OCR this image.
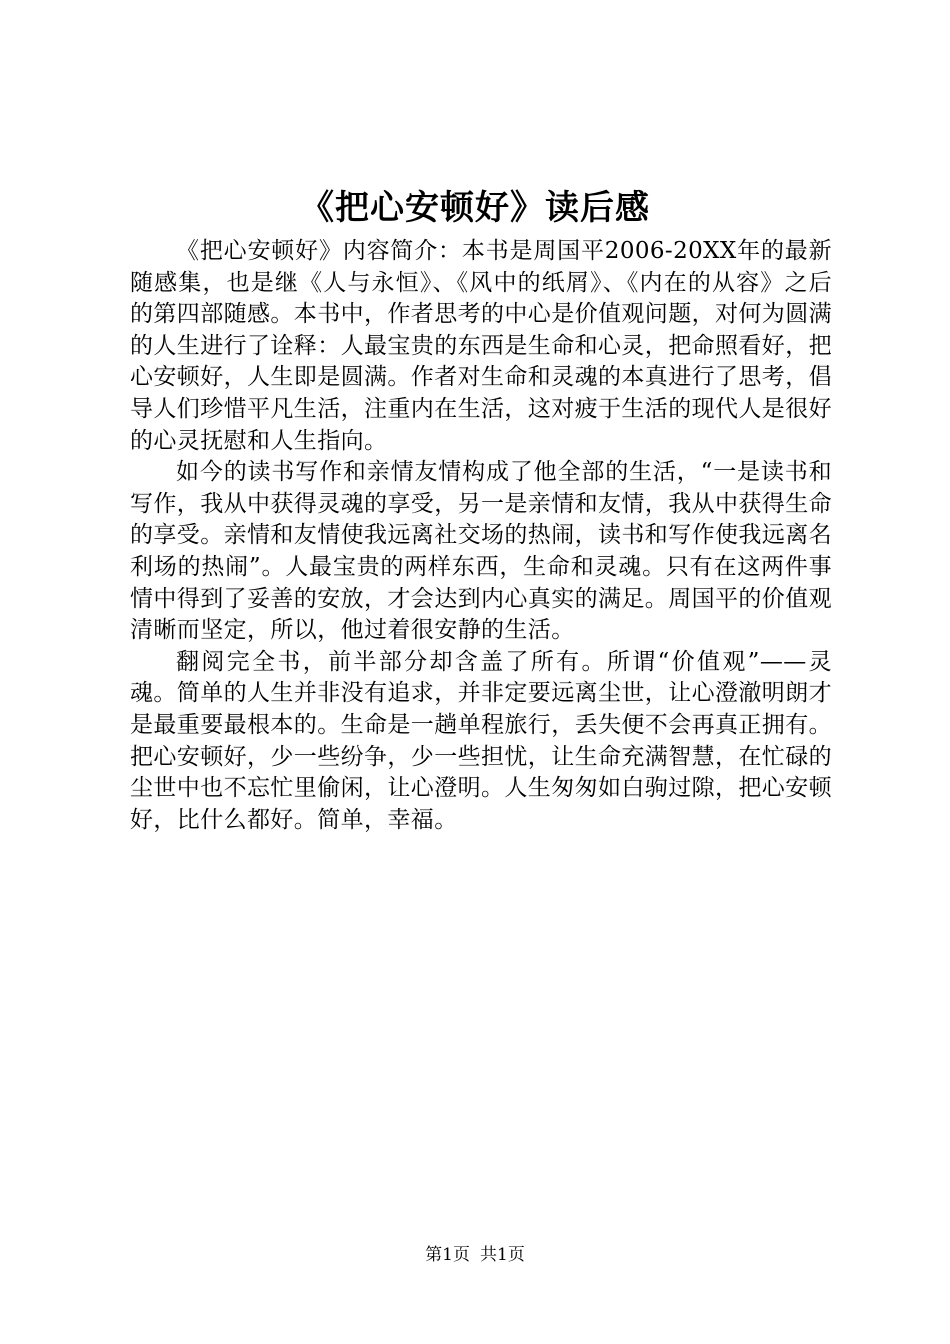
《把心安顿好》读后感

《把心安顿好》内容简介：本书是周国平2006-20XX年的最新随感集，也是继《人与永恒》、《风中的纸屑》、《内在的从容》之后的第四部随感。本书中，作者思考的中心是价值观问题，对何为圆满的人生进行了诠释：人最宝贵的东西是生命和心灵，把命照看好，把心安顿好，人生即是圆满。作者对生命和灵魂的本真进行了思考，倡导人们珍惜平凡生活，注重内在生活，这对疲于生活的现代人是很好的心灵抚慰和人生指向。

如今的读书写作和亲情友情构成了他全部的生活，“一是读书和写作，我从中获得灵魂的享受，另一是亲情和友情，我从中获得生命的享受。亲情和友情使我远离社交场的热闹，读书和写作使我远离名利场的热闹”。人最宝贵的两样东西，生命和灵魂。只有在这两件事情中得到了妥善的安放，才会达到内心真实的满足。周国平的价值观清晰而坚定，所以，他过着很安静的生活。

翻阅完全书，前半部分却含盖了所有。所谓“价值观”——灵魂。简单的人生并非没有追求，并非定要远离尘世，让心澄澈明朗才是最重要最根本的。生命是一趟单程旅行，丢失便不会再真正拥有。把心安顿好，少一些纷争，少一些担忧，让生命充满智慧，在忙碌的尘世中也不忘忙里偷闲，让心澄明。人生匆匆如白驹过隙，把心安顿好，比什么都好。简单，幸福。

第1页 共1页
